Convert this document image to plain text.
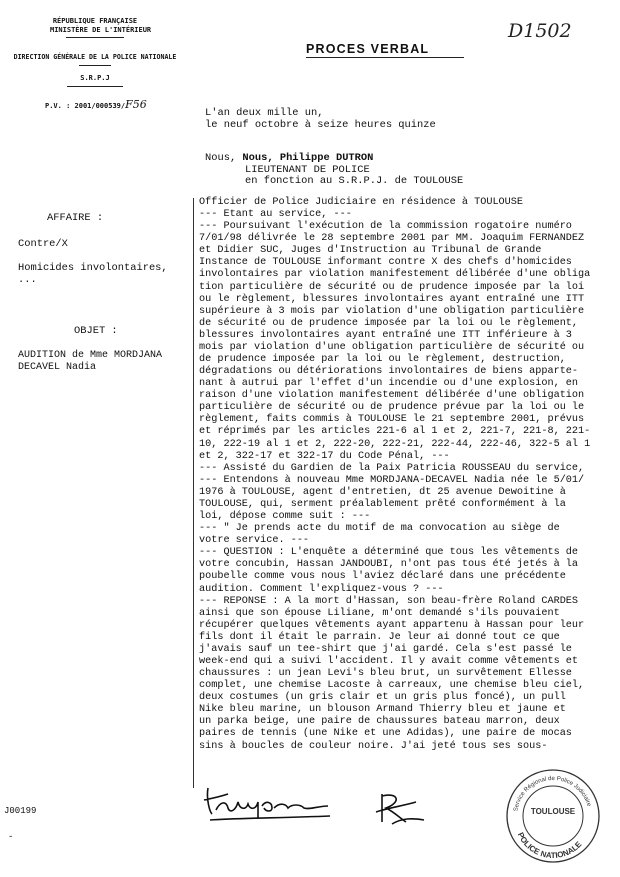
RÉPUBLIQUE FRANÇAISE
MINISTÈRE DE L'INTÉRIEUR
DIRECTION GÉNÉRALE DE LA POLICE NATIONALE
S.R.P.J
P.V. : 2001/000539/F56
PROCES VERBAL
D1502
L'an deux mille un,
le neuf octobre à seize heures quinze
Nous, Nous, Philippe DUTRON
LIEUTENANT DE POLICE
en fonction au S.R.P.J. de TOULOUSE
AFFAIRE :
Contre/X
Homicides involontaires,
...
OBJET :
AUDITION de Mme MORDJANA
DECAVEL Nadia
J00199
-
Officier de Police Judiciaire en résidence à TOULOUSE
--- Etant au service, ---
--- Poursuivant l'exécution de la commission rogatoire numéro
7/01/98 délivrée le 28 septembre 2001 par MM. Joaquim FERNANDEZ
et Didier SUC, Juges d'Instruction au Tribunal de Grande
Instance de TOULOUSE informant contre X des chefs d'homicides
involontaires par violation manifestement délibérée d'une obliga
tion particulière de sécurité ou de prudence imposée par la loi
ou le règlement, blessures involontaires ayant entraîné une ITT
supérieure à 3 mois par violation d'une obligation particulière
de sécurité ou de prudence imposée par la loi ou le règlement,
blessures involontaires ayant entraîné une ITT inférieure à 3
mois par violation d'une obligation particulière de sécurité ou
de prudence imposée par la loi ou le règlement, destruction,
dégradations ou détériorations involontaires de biens apparte-
nant à autrui par l'effet d'un incendie ou d'une explosion, en
raison d'une violation manifestement délibérée d'une obligation
particulière de sécurité ou de prudence prévue par la loi ou le
règlement, faits commis à TOULOUSE le 21 septembre 2001, prévus
et réprimés par les articles 221-6 al 1 et 2, 221-7, 221-8, 221-
10, 222-19 al 1 et 2, 222-20, 222-21, 222-44, 222-46, 322-5 al 1
et 2, 322-17 et 322-17 du Code Pénal, ---
--- Assisté du Gardien de la Paix Patricia ROUSSEAU du service,
--- Entendons à nouveau Mme MORDJANA-DECAVEL Nadia née le 5/01/
1976 à TOULOUSE, agent d'entretien, dt 25 avenue Dewoitine à
TOULOUSE, qui, serment préalablement prêté conformément à la
loi, dépose comme suit : ---
--- " Je prends acte du motif de ma convocation au siège de
votre service. ---
--- QUESTION : L'enquête a déterminé que tous les vêtements de
votre concubin, Hassan JANDOUBI, n'ont pas tous été jetés à la
poubelle comme vous nous l'aviez déclaré dans une précédente
audition. Comment l'expliquez-vous ? ---
--- REPONSE : A la mort d'Hassan, son beau-frère Roland CARDES
ainsi que son épouse Liliane, m'ont demandé s'ils pouvaient
récupérer quelques vêtements ayant appartenu à Hassan pour leur
fils dont il était le parrain. Je leur ai donné tout ce que
j'avais sauf un tee-shirt que j'ai gardé. Cela s'est passé le
week-end qui a suivi l'accident. Il y avait comme vêtements et
chaussures : un jean Levi's bleu brut, un survêtement Ellesse
complet, une chemise Lacoste à carreaux, une chemise bleu ciel,
deux costumes (un gris clair et un gris plus foncé), un pull
Nike bleu marine, un blouson Armand Thierry bleu et jaune et
un parka beige, une paire de chaussures bateau marron, deux
paires de tennis (une Nike et une Adidas), une paire de mocas
sins à boucles de couleur noire. J'ai jeté tous ses sous-
Service Régional de Police Judiciaire
TOULOUSE
POLICE NATIONALE
